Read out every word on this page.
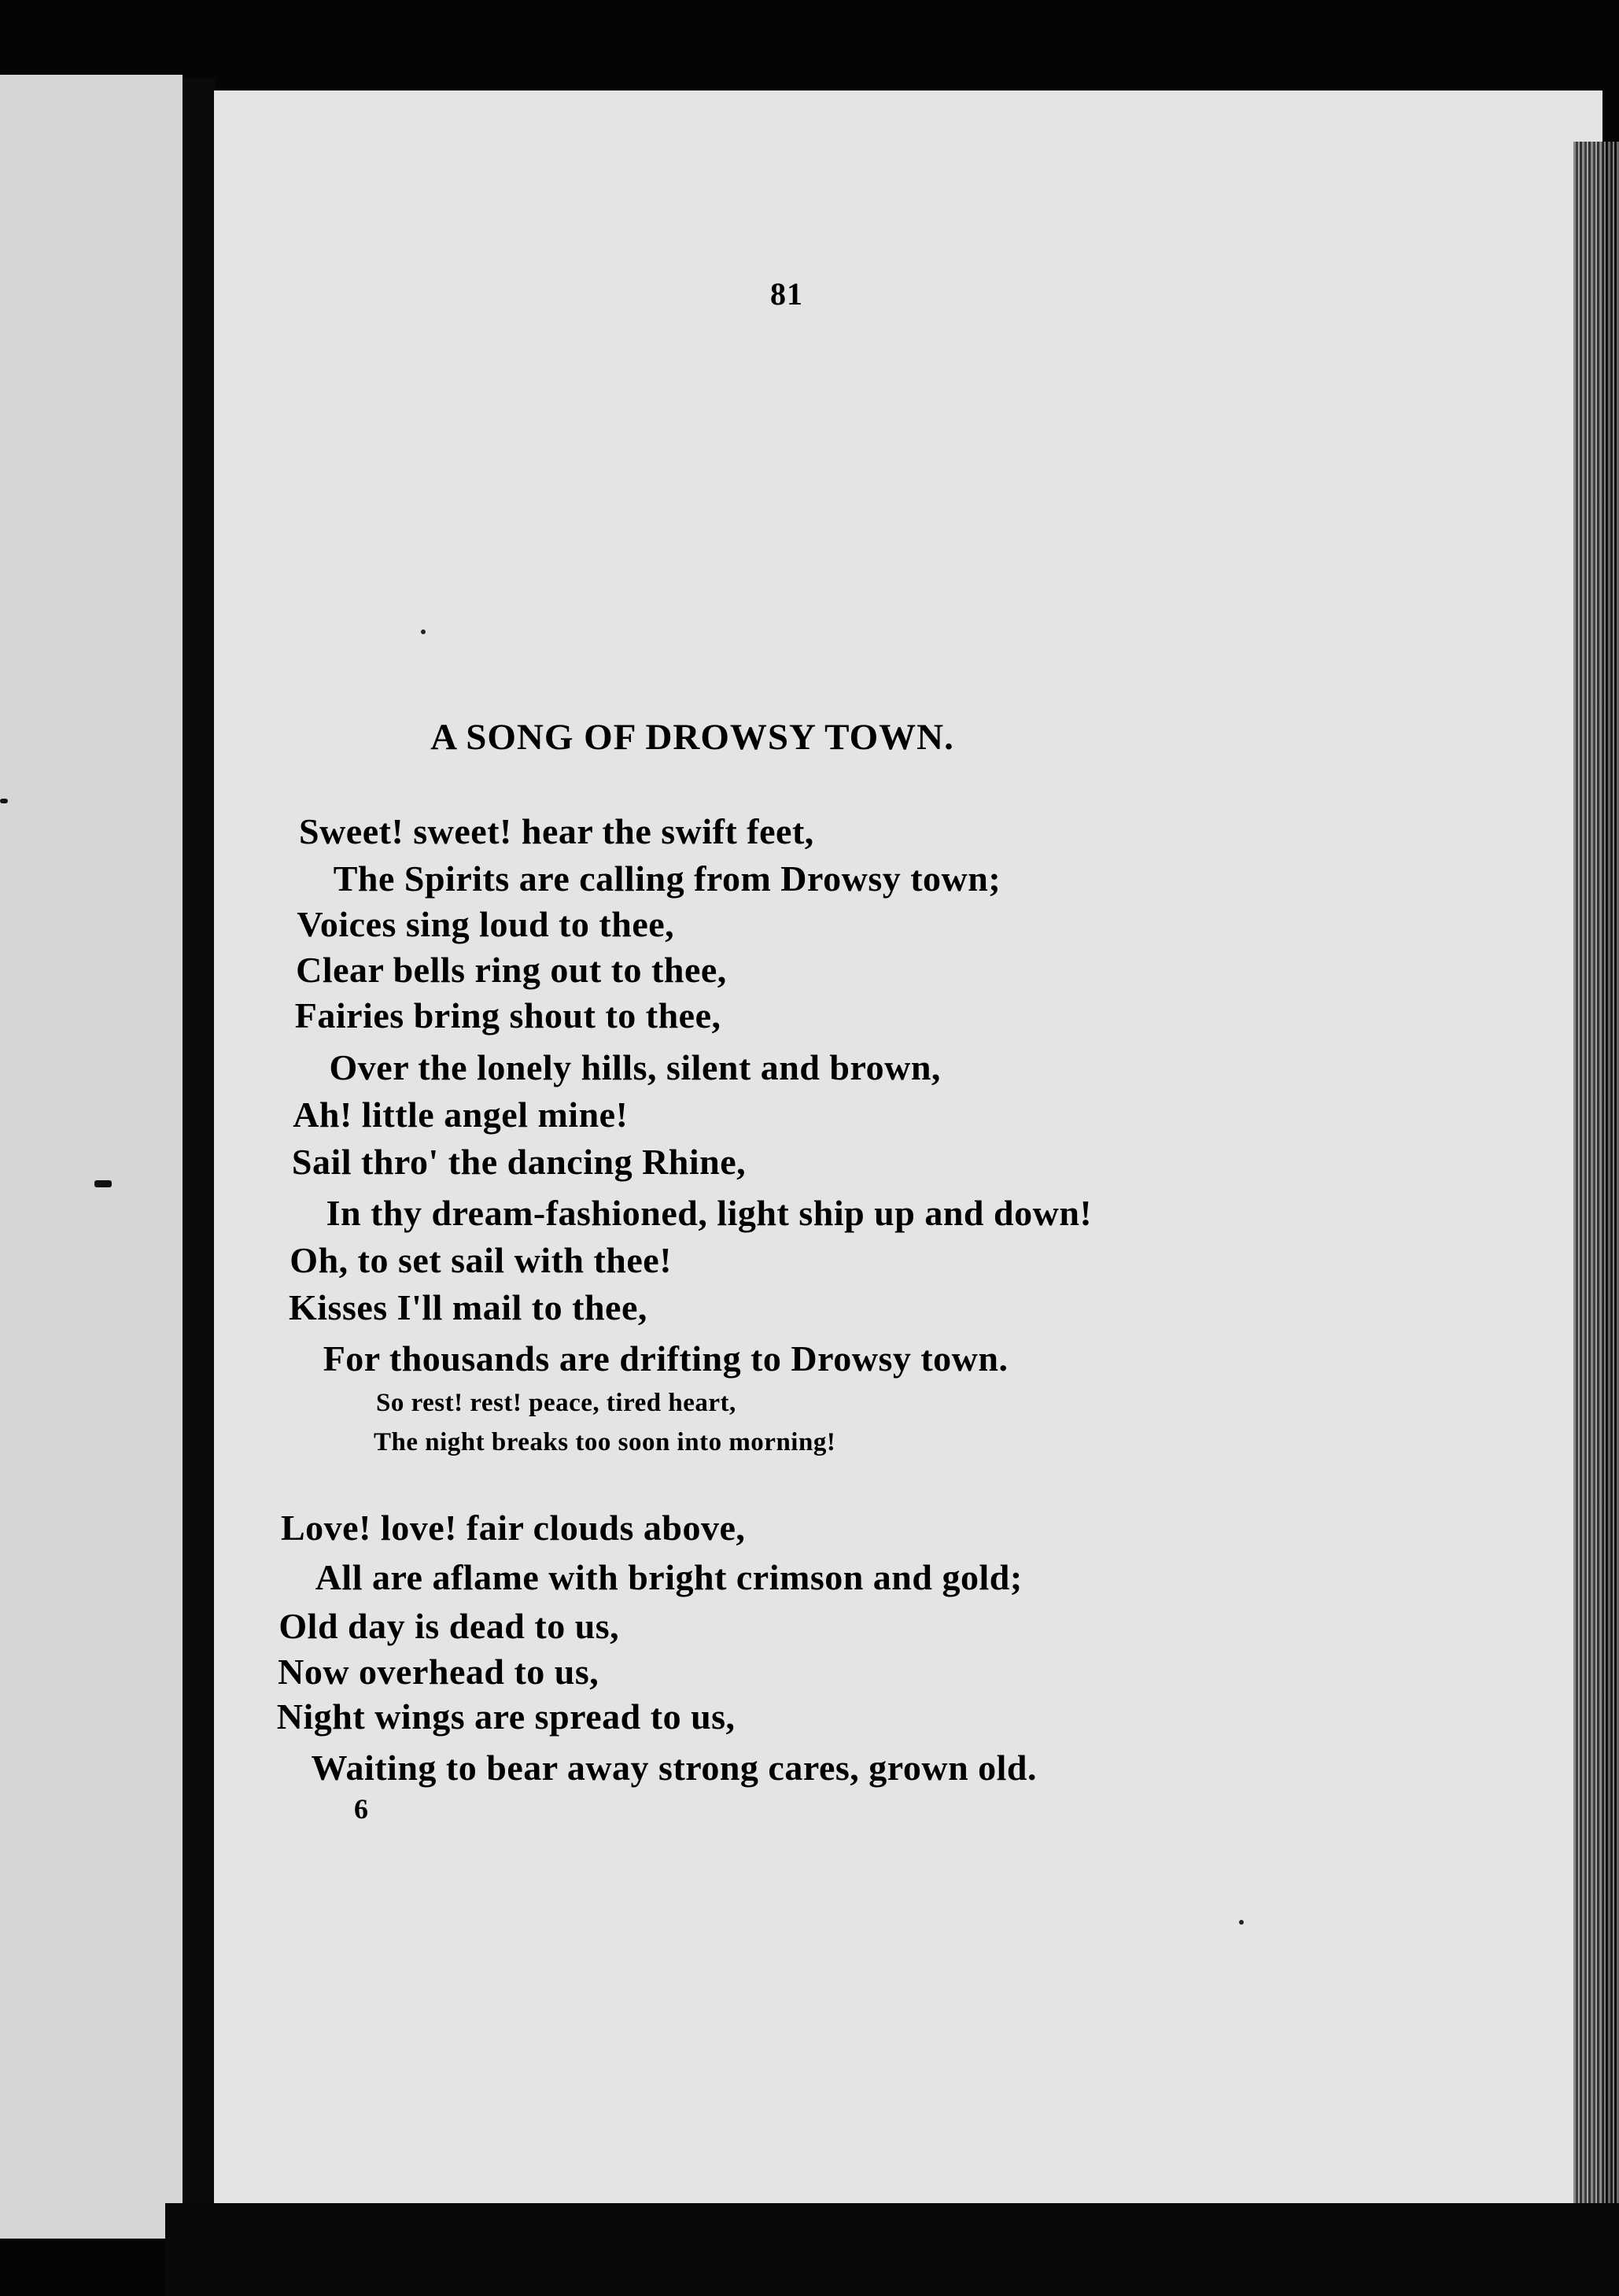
81
A SONG OF DROWSY TOWN.
Sweet! sweet! hear the swift feet,
The Spirits are calling from Drowsy town;
Voices sing loud to thee,
Clear bells ring out to thee,
Fairies bring shout to thee,
Over the lonely hills, silent and brown,
Ah! little angel mine!
Sail thro' the dancing Rhine,
In thy dream-fashioned, light ship up and down!
Oh, to set sail with thee!
Kisses I'll mail to thee,
For thousands are drifting to Drowsy town.
So rest! rest! peace, tired heart,
The night breaks too soon into morning!
Love! love! fair clouds above,
All are aflame with bright crimson and gold;
Old day is dead to us,
Now overhead to us,
Night wings are spread to us,
Waiting to bear away strong cares, grown old.
6
